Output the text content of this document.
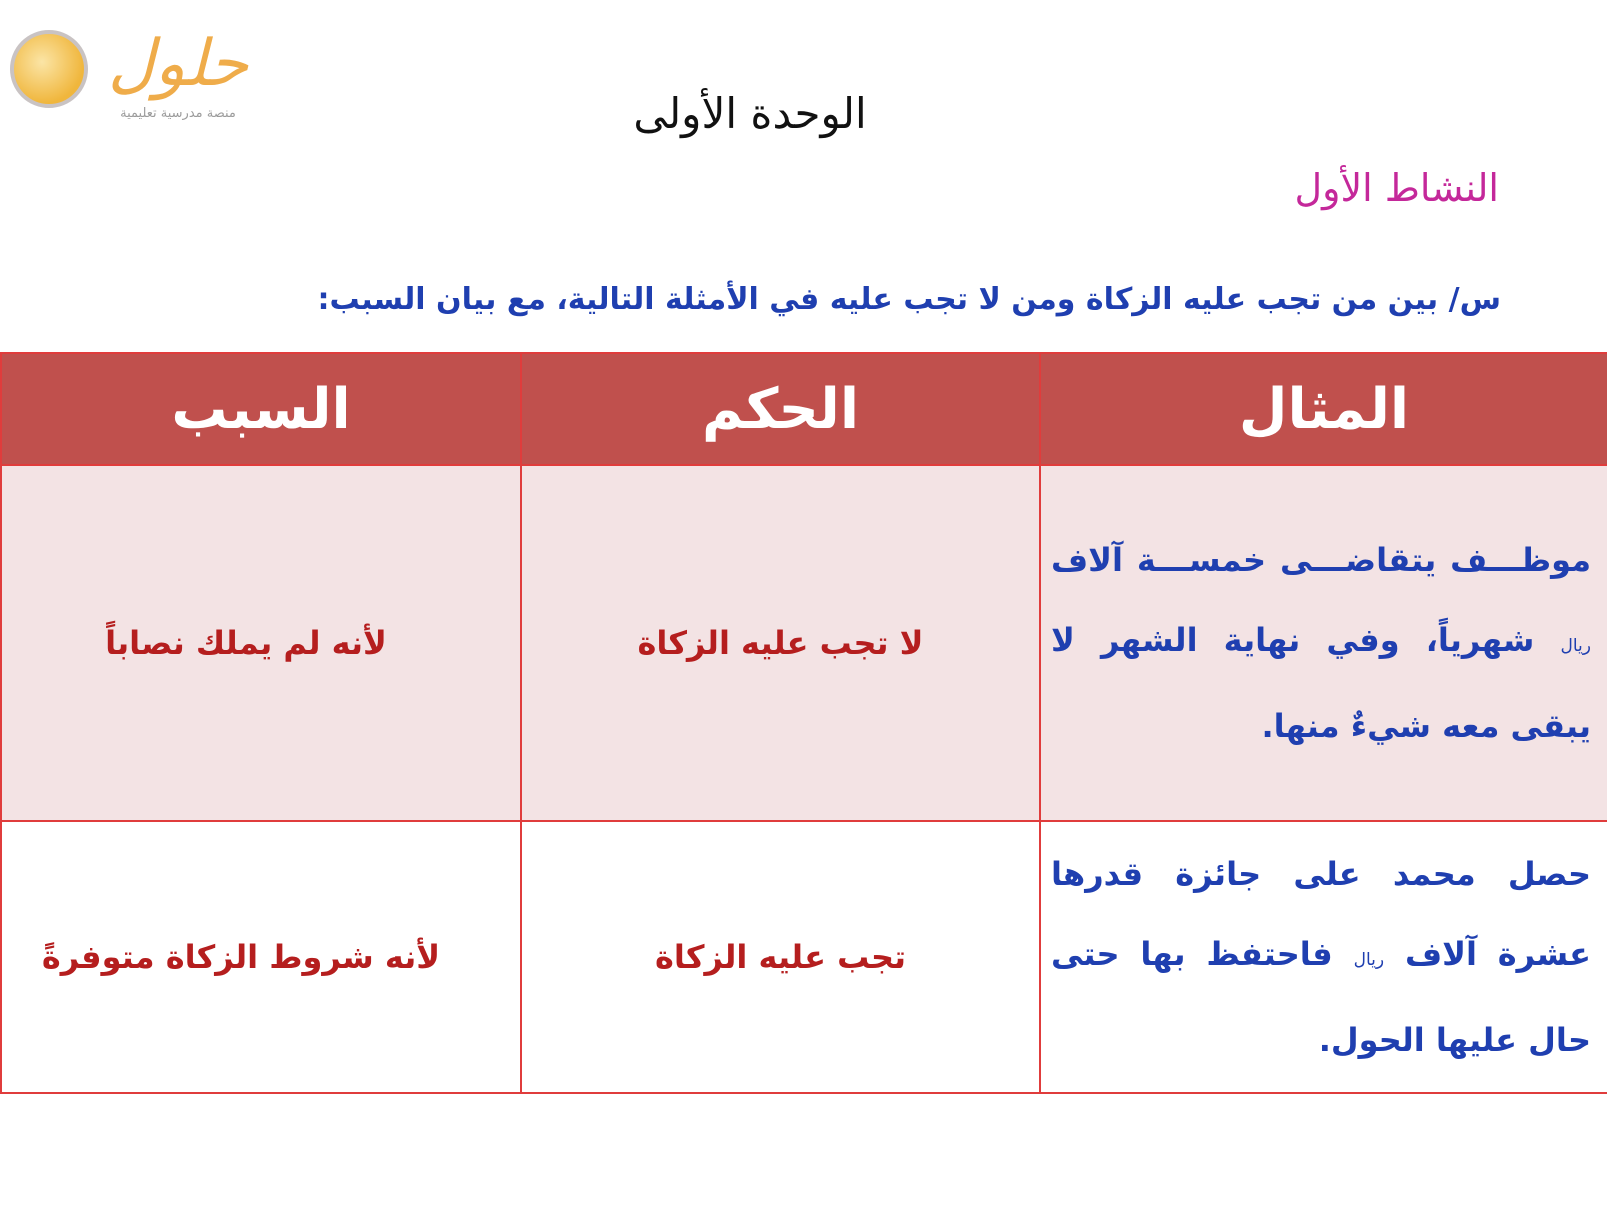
حلول
منصة مدرسية تعليمية	الوحدة الأولى
النشاط الأول
س/ بين من تجب عليه الزكاة ومن لا تجب عليه في الأمثلة التالية، مع بيان السبب:
المثال	الحكم	السبب
موظـــف يتقاضـــى خمســـة آلاف ريال شهرياً، وفي نهاية الشهر لا يبقى معه شيءٌ منها.	لا تجب عليه الزكاة	لأنه لم يملك نصاباً
حصل محمد على جائزة قدرها عشرة آلاف ريال فاحتفظ بها حتى حال عليها الحول.	تجب عليه الزكاة	لأنه شروط الزكاة متوفرةً
